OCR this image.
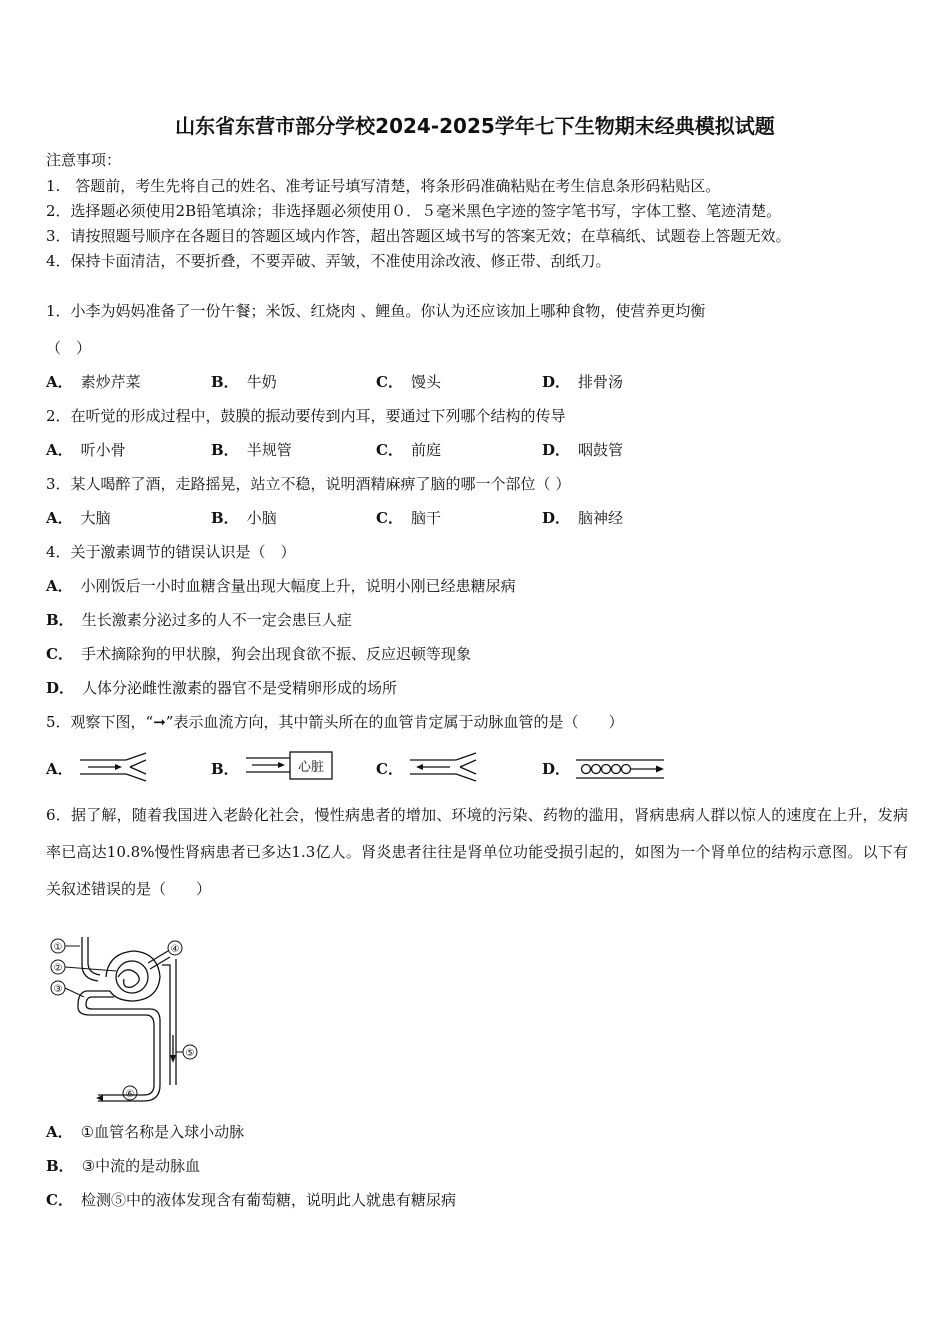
山东省东营市部分学校2024-2025学年七下生物期末经典模拟试题
注意事项：
1.　答题前，考生先将自己的姓名、准考证号填写清楚，将条形码准确粘贴在考生信息条形码粘贴区。
2．选择题必须使用2B铅笔填涂；非选择题必须使用０．５毫米黑色字迹的签字笔书写，字体工整、笔迹清楚。
3．请按照题号顺序在各题目的答题区域内作答，超出答题区域书写的答案无效；在草稿纸、试题卷上答题无效。
4．保持卡面清洁，不要折叠，不要弄破、弄皱，不准使用涂改液、修正带、刮纸刀。
1．小李为妈妈准备了一份午餐；米饭、红烧肉 、鲤鱼。你认为还应该加上哪种食物，使营养更均衡
（　）
A． 素炒芹菜	B． 牛奶	C． 馒头	D． 排骨汤
2．在听觉的形成过程中，鼓膜的振动要传到内耳，要通过下列哪个结构的传导
A． 听小骨	B． 半规管	C． 前庭	D． 咽鼓管
3．某人喝醉了酒，走路摇晃，站立不稳，说明酒精麻痹了脑的哪一个部位（ ）
A． 大脑	B． 小脑	C． 脑干	D． 脑神经
4．关于激素调节的错误认识是（　）
A． 小刚饭后一小时血糖含量出现大幅度上升，说明小刚已经患糖尿病
B． 生长激素分泌过多的人不一定会患巨人症
C． 手术摘除狗的甲状腺，狗会出现食欲不振、反应迟顿等现象
D． 人体分泌雌性激素的器官不是受精卵形成的场所
5．观察下图，“➞”表示血流方向，其中箭头所在的血管肯定属于动脉血管的是（　　）
A．	B．	C．	D．
心脏
6．据了解，随着我国进入老龄化社会，慢性病患者的增加、环境的污染、药物的滥用，肾病患病人群以惊人的速度在上升，发病率已高达10.8%慢性肾病患者已多达1.3亿人。肾炎患者往往是肾单位功能受损引起的，如图为一个肾单位的结构示意图。以下有关叙述错误的是（　　）
①
②
③
④
⑤
⑥
A． ①血管名称是入球小动脉
B． ③中流的是动脉血
C． 检测⑤中的液体发现含有葡萄糖，说明此人就患有糖尿病
